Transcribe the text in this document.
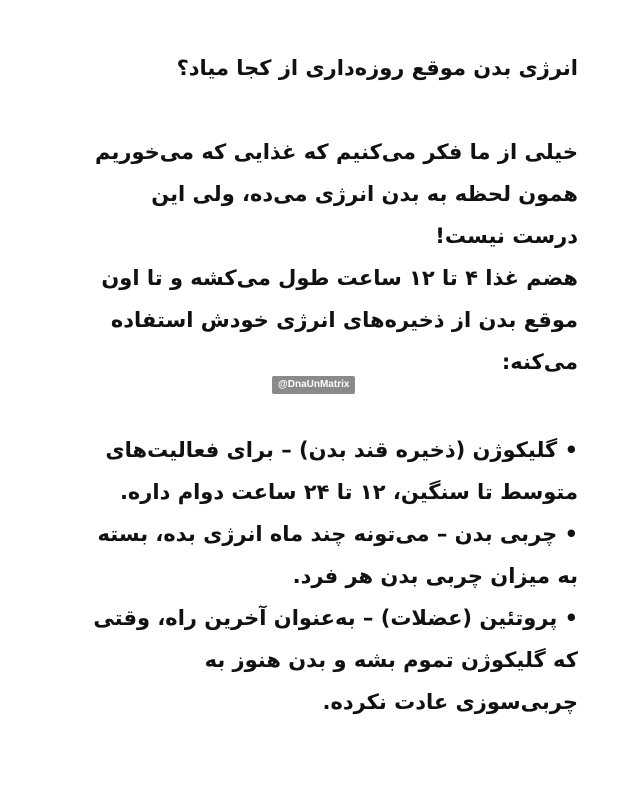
انرژی بدن موقع روزه‌داری از کجا میاد؟
خیلی از ما فکر می‌کنیم که غذایی که می‌خوریم
همون لحظه به بدن انرژی می‌ده، ولی این
درست نیست!
هضم غذا ۴ تا ۱۲ ساعت طول می‌کشه و تا اون
موقع بدن از ذخیره‌های انرژی خودش استفاده
می‌کنه:
@DnaUnMatrix
• گلیکوژن (ذخیره قند بدن) – برای فعالیت‌های
متوسط تا سنگین، ۱۲ تا ۲۴ ساعت دوام داره.
• چربی بدن – می‌تونه چند ماه انرژی بده، بسته
به میزان چربی بدن هر فرد.
• پروتئین (عضلات) – به‌عنوان آخرین راه، وقتی
که گلیکوژن تموم بشه و بدن هنوز به
چربی‌سوزی عادت نکرده.
